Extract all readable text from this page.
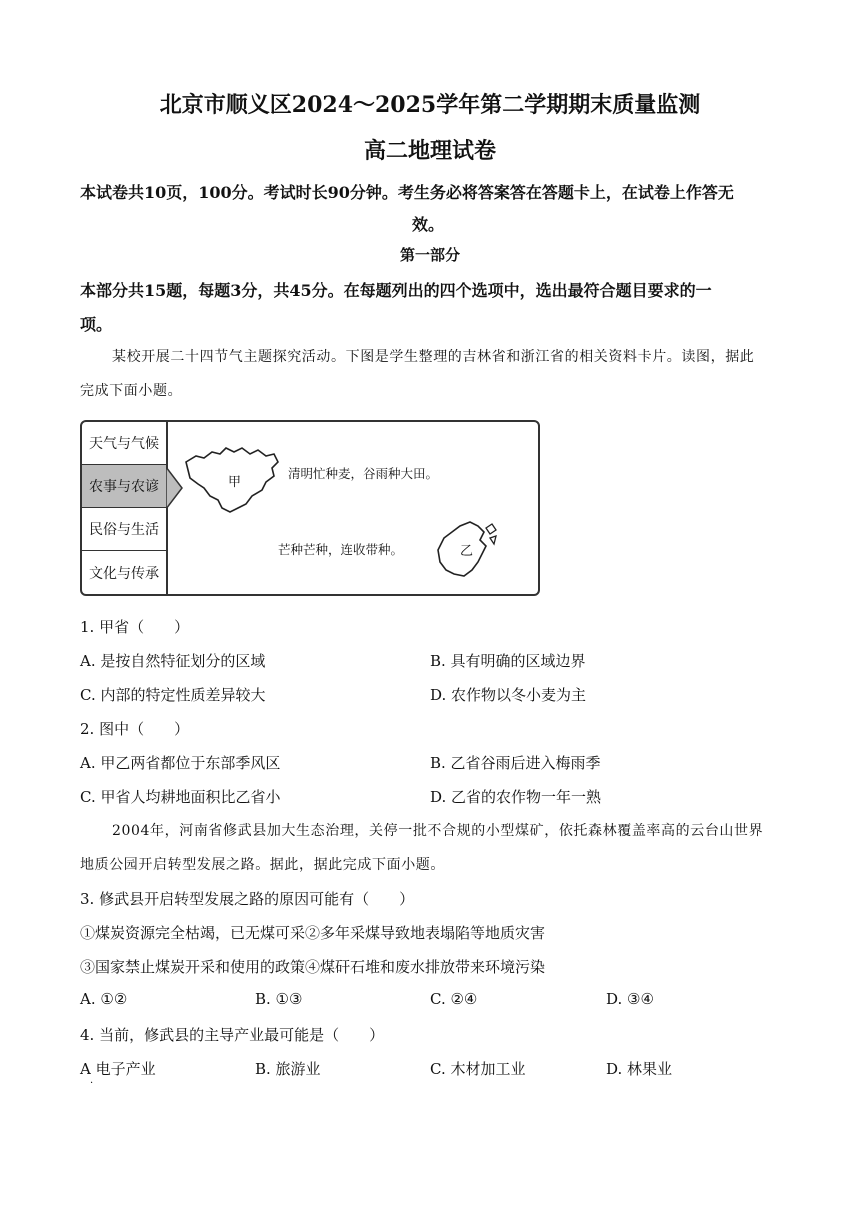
北京市顺义区2024～2025学年第二学期期末质量监测
高二地理试卷
本试卷共10页，100分。考试时长90分钟。考生务必将答案答在答题卡上，在试卷上作答无
效。
第一部分
本部分共15题，每题3分，共45分。在每题列出的四个选项中，选出最符合题目要求的一
项。
某校开展二十四节气主题探究活动。下图是学生整理的吉林省和浙江省的相关资料卡片。读图，据此
完成下面小题。
天气与气候
农事与农谚
民俗与生活
文化与传承
甲
清明忙种麦，谷雨种大田。
乙
芒种芒种，连收带种。
1. 甲省（　　）
A. 是按自然特征划分的区域	B. 具有明确的区域边界
C. 内部的特定性质差异较大	D. 农作物以冬小麦为主
2. 图中（　　）
A. 甲乙两省都位于东部季风区	B. 乙省谷雨后进入梅雨季
C. 甲省人均耕地面积比乙省小	D. 乙省的农作物一年一熟
2004年，河南省修武县加大生态治理，关停一批不合规的小型煤矿，依托森林覆盖率高的云台山世界
地质公园开启转型发展之路。据此，据此完成下面小题。
3. 修武县开启转型发展之路的原因可能有（　　）
①煤炭资源完全枯竭，已无煤可采②多年采煤导致地表塌陷等地质灾害
③国家禁止煤炭开采和使用的政策④煤矸石堆和废水排放带来环境污染
A. ①②	B. ①③	C. ②④	D. ③④
4. 当前，修武县的主导产业最可能是（　　）
A 电子产业	B. 旅游业	C. 木材加工业	D. 林果业
·
